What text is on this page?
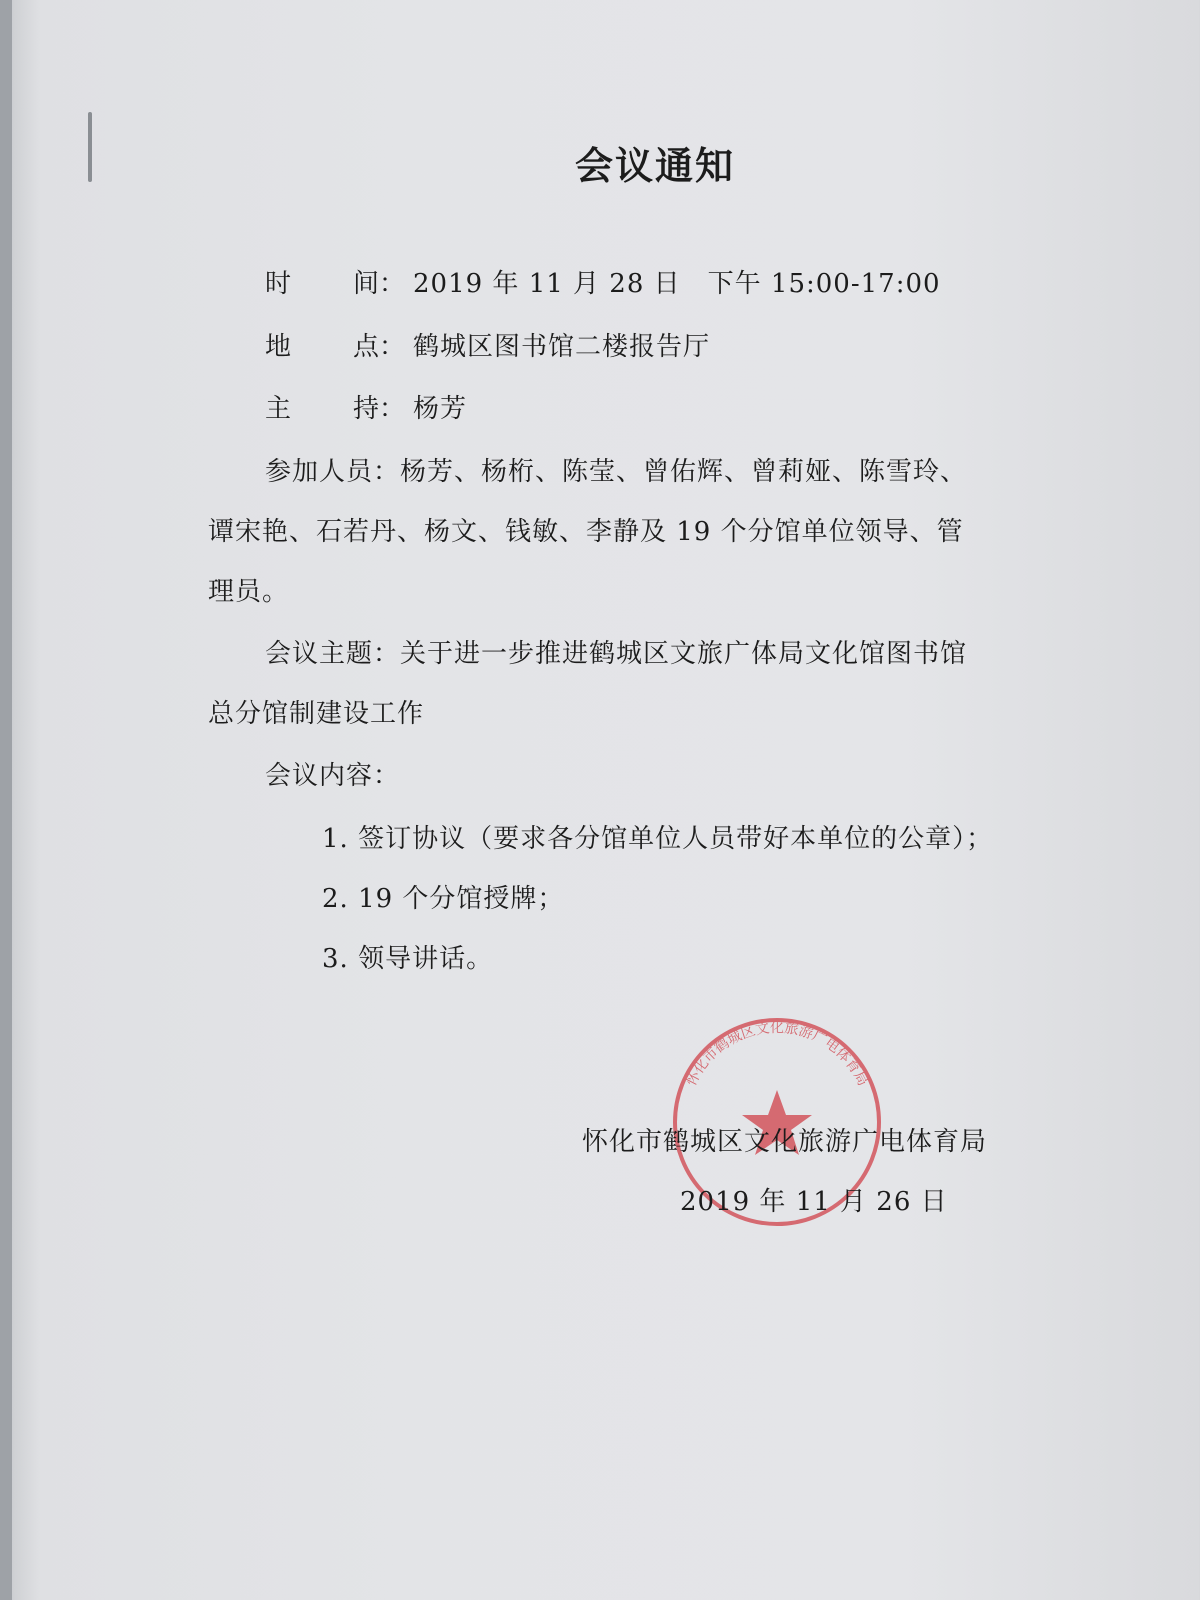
会议通知
时 间： 2019 年 11 月 28 日　下午 15:00-17:00
地 点： 鹤城区图书馆二楼报告厅
主 持： 杨芳
参加人员：杨芳、杨桁、陈莹、曾佑辉、曾莉娅、陈雪玲、
谭宋艳、石若丹、杨文、钱敏、李静及 19 个分馆单位领导、管
理员。
会议主题：关于进一步推进鹤城区文旅广体局文化馆图书馆
总分馆制建设工作
会议内容：
1. 签订协议（要求各分馆单位人员带好本单位的公章）；
2. 19 个分馆授牌；
3. 领导讲话。
怀化市鹤城区文化旅游广电体育局
怀化市鹤城区文化旅游广电体育局
2019 年 11 月 26 日
